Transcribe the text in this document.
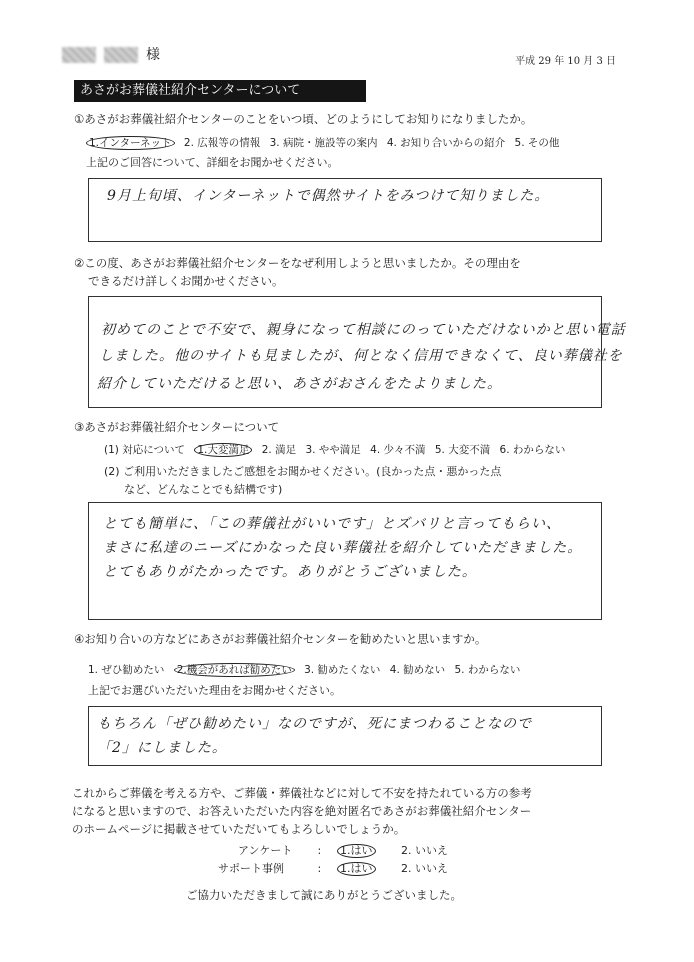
様	平成 29 年 10 月 3 日
あさがお葬儀社紹介センターについて
①あさがお葬儀社紹介センターのことをいつ頃、どのようにしてお知りになりましたか。
1.インターネット 2. 広報等の情報 3. 病院・施設等の案内 4. お知り合いからの紹介 5. その他
上記のご回答について、詳細をお聞かせください。
9月上旬頃、インターネットで偶然サイトをみつけて知りました。
②この度、あさがお葬儀社紹介センターをなぜ利用しようと思いましたか。その理由を
できるだけ詳しくお聞かせください。
初めてのことで不安で、親身になって相談にのっていただけないかと思い電話
しました。他のサイトも見ましたが、何となく信用できなくて、良い葬儀社を
紹介していただけると思い、あさがおさんをたよりました。
③あさがお葬儀社紹介センターについて
(1) 対応について 1.大変満足 2. 満足 3. やや満足 4. 少々不満 5. 大変不満 6. わからない
(2) ご利用いただきましたご感想をお聞かせください。(良かった点・悪かった点
など、どんなことでも結構です)
とても簡単に、「この葬儀社がいいです」とズバリと言ってもらい、
まさに私達のニーズにかなった良い葬儀社を紹介していただきました。
とてもありがたかったです。ありがとうございました。
④お知り合いの方などにあさがお葬儀社紹介センターを勧めたいと思いますか。
1. ぜひ勧めたい 2.機会があれば勧めたい 3. 勧めたくない 4. 勧めない 5. わからない
上記でお選びいただいた理由をお聞かせください。
もちろん「ぜひ勧めたい」なのですが、死にまつわることなので
「2」にしました。
これからご葬儀を考える方や、ご葬儀・葬儀社などに対して不安を持たれている方の参考
になると思いますので、お答えいただいた内容を絶対匿名であさがお葬儀社紹介センター
のホームページに掲載させていただいてもよろしいでしょうか。
アンケート : 1.はい	2. いいえ
サポート事例	: 1.はい	2. いいえ
ご協力いただきまして誠にありがとうございました。
